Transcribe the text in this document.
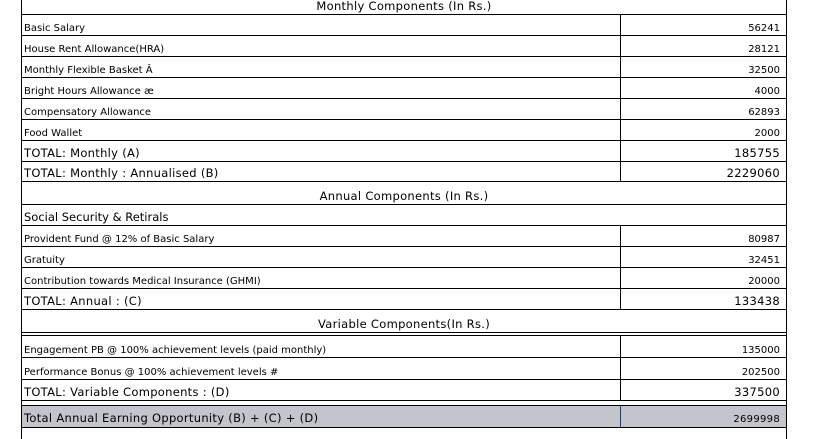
Monthly Components (In Rs.)
Basic Salary	56241
House Rent Allowance(HRA)	28121
Monthly Flexible Basket Â	32500
Bright Hours Allowance æ	4000
Compensatory Allowance	62893
Food Wallet	2000
TOTAL: Monthly (A)	185755
TOTAL: Monthly : Annualised (B)	2229060
Annual Components (In Rs.)
Social Security & Retirals
Provident Fund @ 12% of Basic Salary	80987
Gratuity	32451
Contribution towards Medical Insurance (GHMI)	20000
TOTAL: Annual : (C)	133438
Variable Components(In Rs.)
Engagement PB @ 100% achievement levels (paid monthly)	135000
Performance Bonus @ 100% achievement levels #	202500
TOTAL: Variable Components : (D)	337500
Total Annual Earning Opportunity (B) + (C) + (D)	2699998
